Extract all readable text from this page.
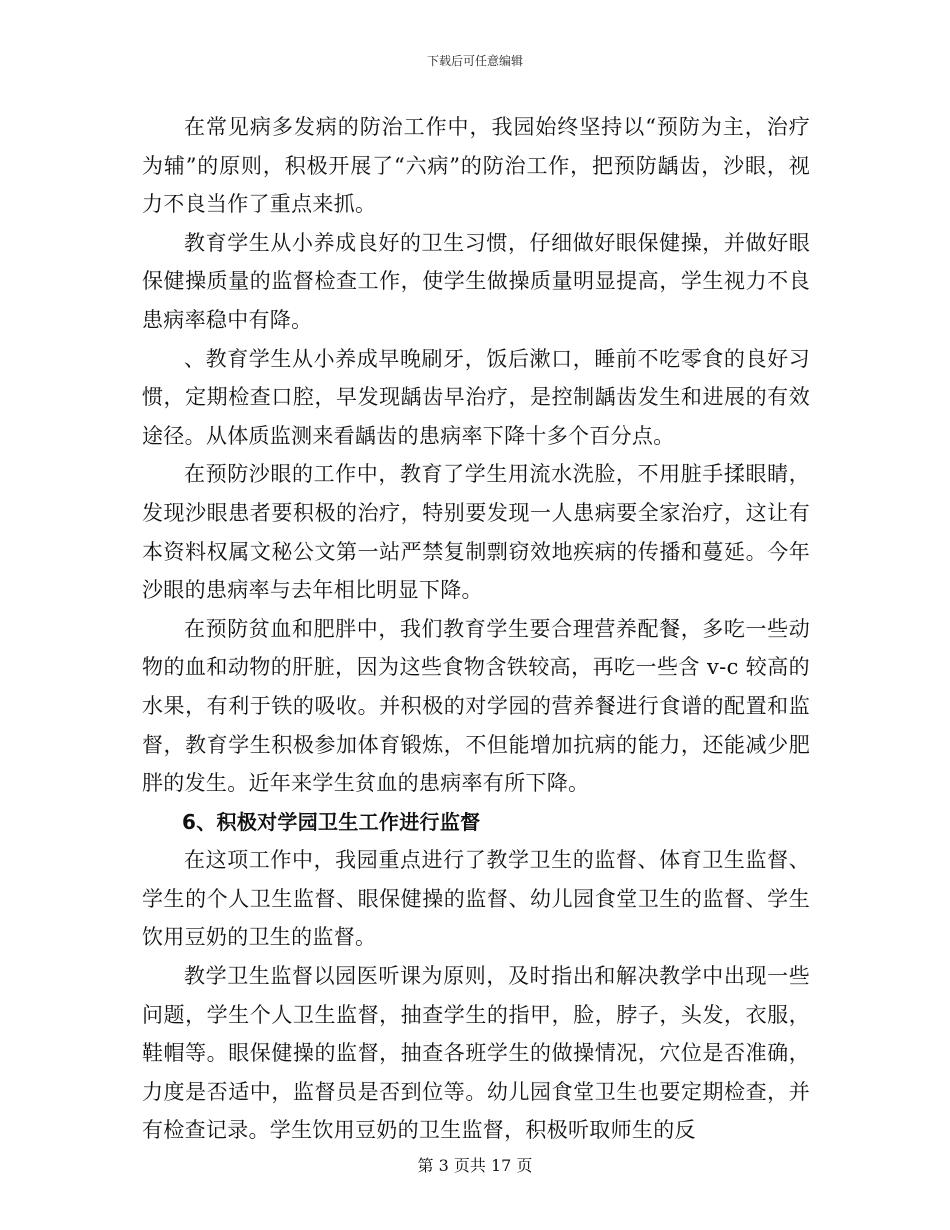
下载后可任意编辑

在常见病多发病的防治工作中，我园始终坚持以“预防为主，治疗为辅”的原则，积极开展了“六病”的防治工作，把预防龋齿，沙眼，视力不良当作了重点来抓。

教育学生从小养成良好的卫生习惯，仔细做好眼保健操，并做好眼保健操质量的监督检查工作，使学生做操质量明显提高，学生视力不良患病率稳中有降。

、教育学生从小养成早晚刷牙，饭后漱口，睡前不吃零食的良好习惯，定期检查口腔，早发现龋齿早治疗，是控制龋齿发生和进展的有效途径。从体质监测来看龋齿的患病率下降十多个百分点。

在预防沙眼的工作中，教育了学生用流水洗脸，不用脏手揉眼睛，发现沙眼患者要积极的治疗，特别要发现一人患病要全家治疗，这让有本资料权属文秘公文第一站严禁复制剽窃效地疾病的传播和蔓延。今年沙眼的患病率与去年相比明显下降。

在预防贫血和肥胖中，我们教育学生要合理营养配餐，多吃一些动物的血和动物的肝脏，因为这些食物含铁较高，再吃一些含 v-c 较高的水果，有利于铁的吸收。并积极的对学园的营养餐进行食谱的配置和监督，教育学生积极参加体育锻炼，不但能增加抗病的能力，还能减少肥胖的发生。近年来学生贫血的患病率有所下降。

6、积极对学园卫生工作进行监督

在这项工作中，我园重点进行了教学卫生的监督、体育卫生监督、学生的个人卫生监督、眼保健操的监督、幼儿园食堂卫生的监督、学生饮用豆奶的卫生的监督。

教学卫生监督以园医听课为原则，及时指出和解决教学中出现一些问题，学生个人卫生监督，抽查学生的指甲，脸，脖子，头发，衣服，鞋帽等。眼保健操的监督，抽查各班学生的做操情况，穴位是否准确，力度是否适中，监督员是否到位等。幼儿园食堂卫生也要定期检查，并有检查记录。学生饮用豆奶的卫生监督，积极听取师生的反

第 3 页共 17 页
